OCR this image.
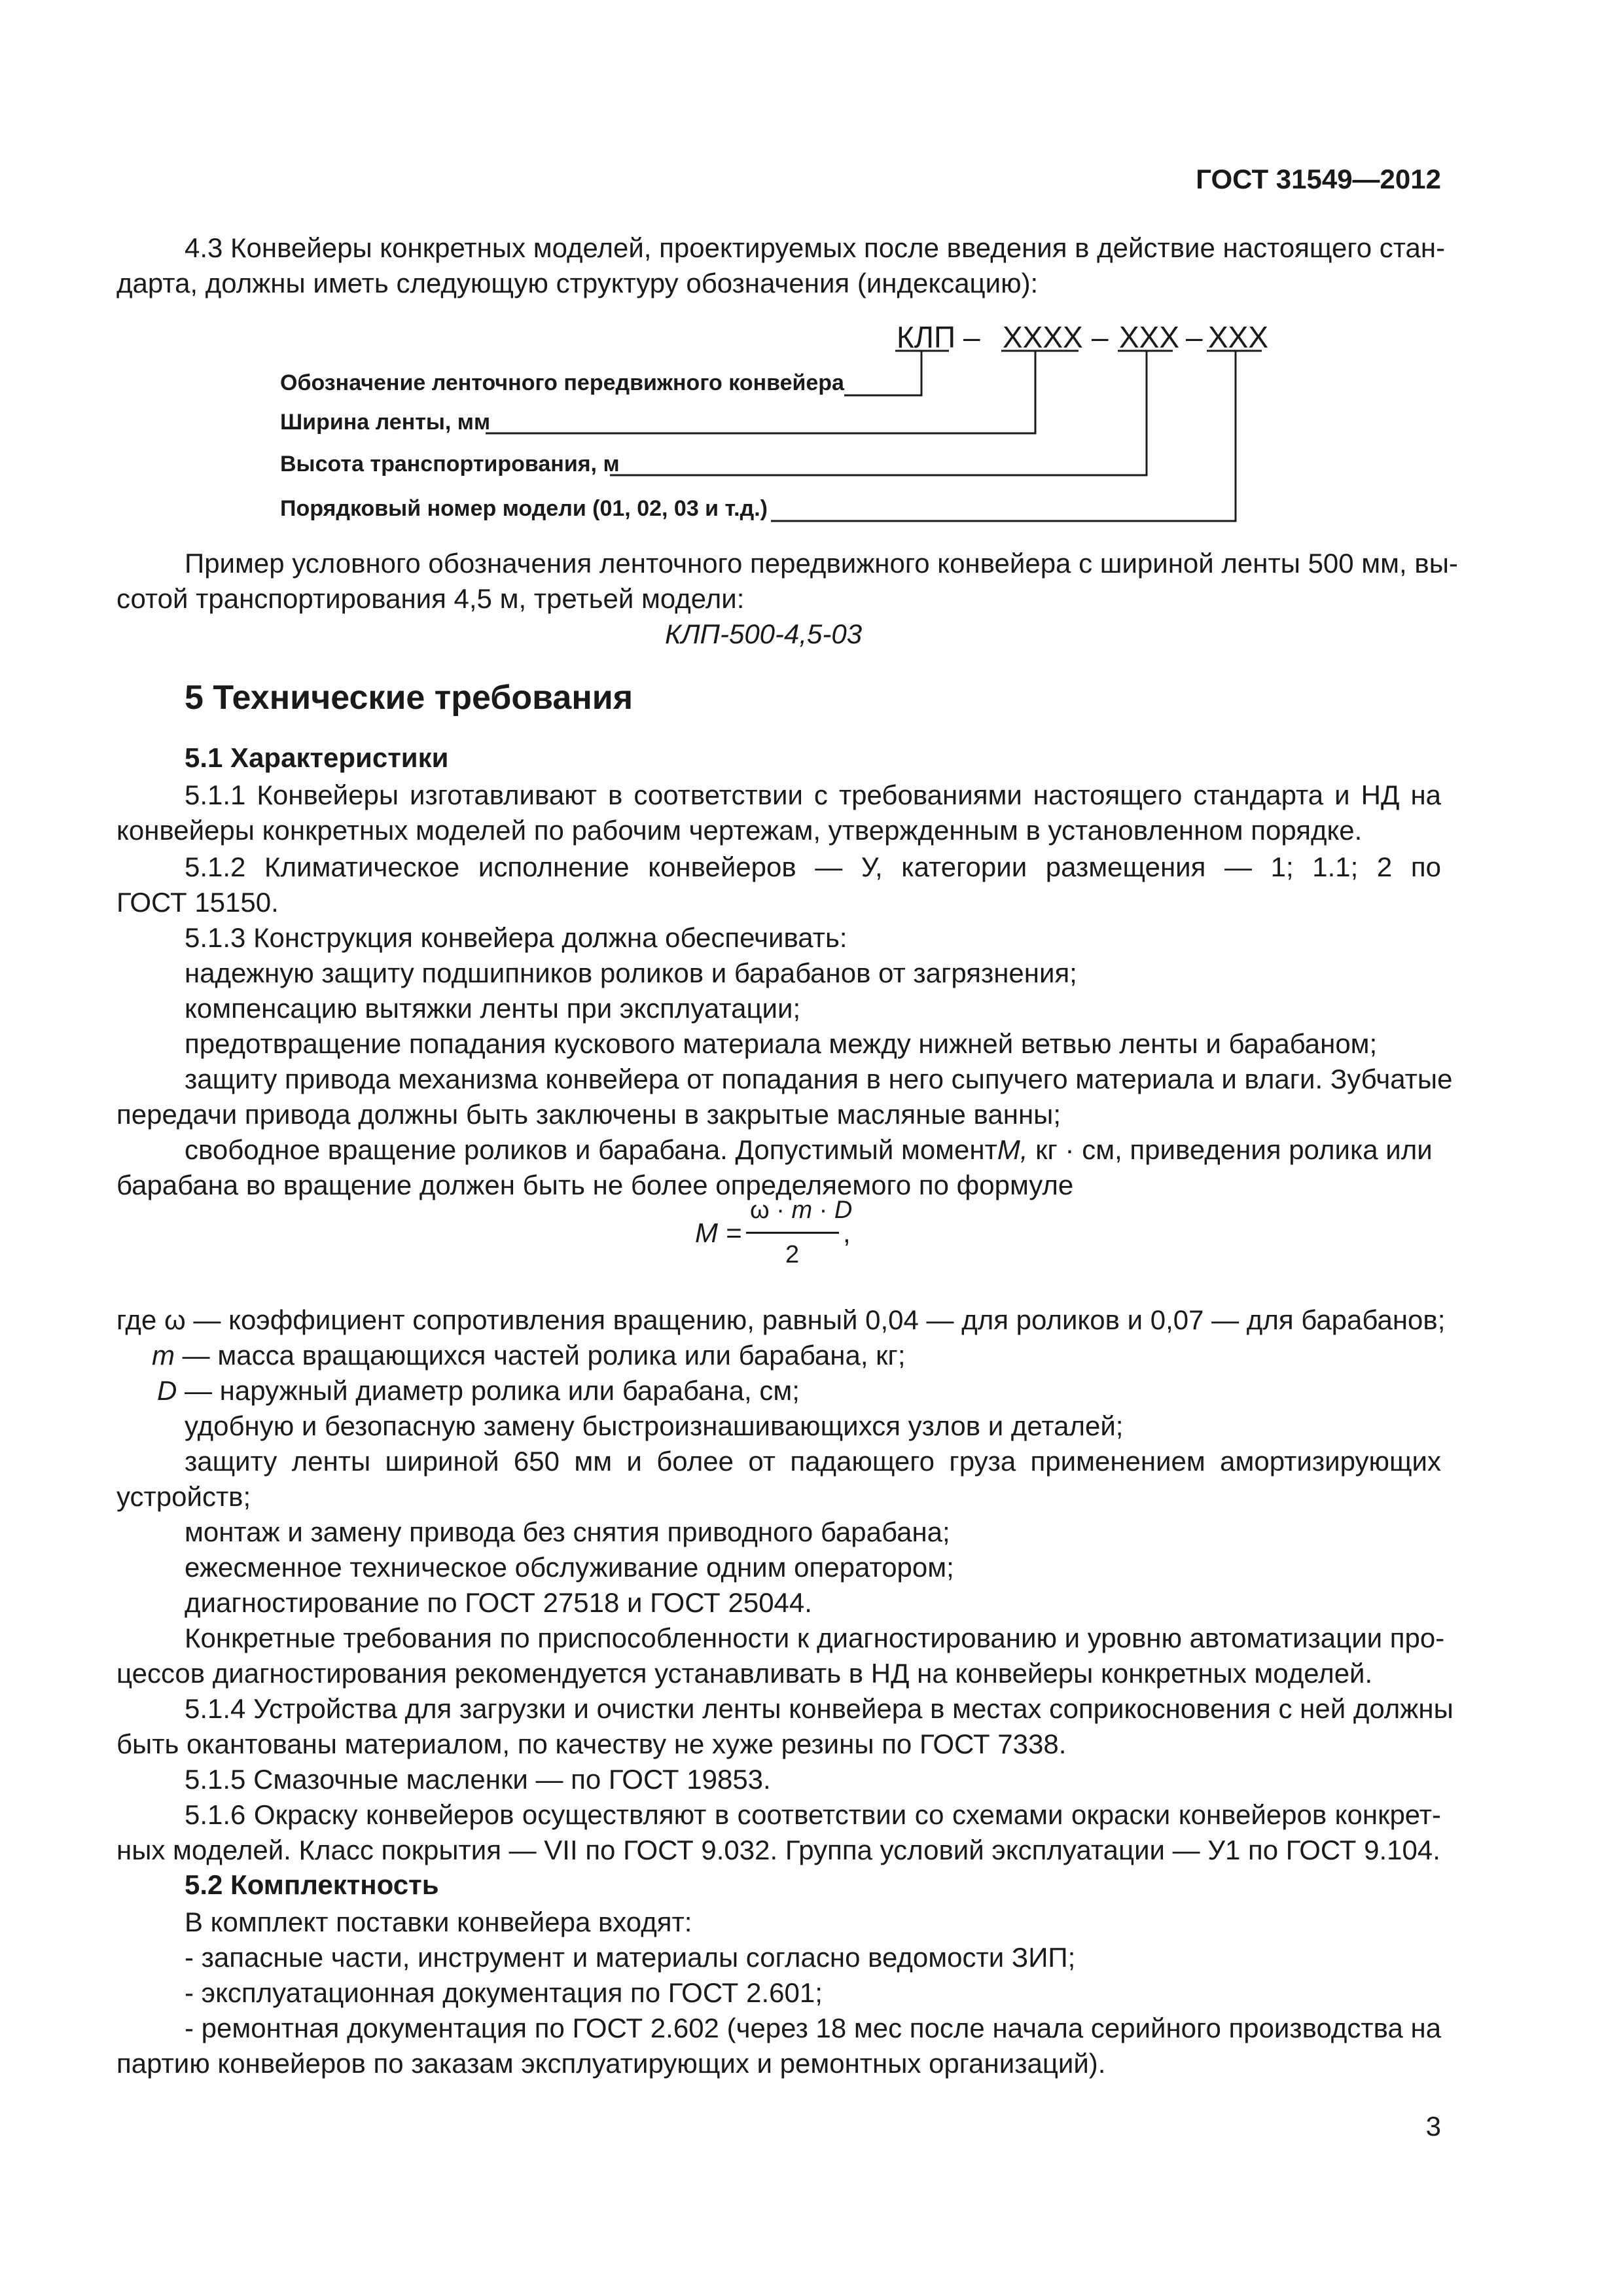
ГОСТ 31549—2012
4.3 Конвейеры конкретных моделей, проектируемых после введения в действие настоящего стан-
дарта, должны иметь следующую структуру обозначения (индексацию):
КЛП – XXXX – XXX – XXX
Обозначение ленточного передвижного конвейера
Ширина ленты, мм
Высота транспортирования, м
Порядковый номер модели (01, 02, 03 и т.д.)
Пример условного обозначения ленточного передвижного конвейера с шириной ленты 500 мм, вы-
сотой транспортирования 4,5 м, третьей модели:
КЛП-500-4,5-03
5 Технические требования
5.1 Характеристики
5.1.1 Конвейеры изготавливают в соответствии с требованиями настоящего стандарта и НД на
конвейеры конкретных моделей по рабочим чертежам, утвержденным в установленном порядке.
5.1.2 Климатическое исполнение конвейеров — У, категории размещения — 1; 1.1; 2 по
ГОСТ 15150.
5.1.3 Конструкция конвейера должна обеспечивать:
надежную защиту подшипников роликов и барабанов от загрязнения;
компенсацию вытяжки ленты при эксплуатации;
предотвращение попадания кускового материала между нижней ветвью ленты и барабаном;
защиту привода механизма конвейера от попадания в него сыпучего материала и влаги. Зубчатые
передачи привода должны быть заключены в закрытые масляные ванны;
свободное вращение роликов и барабана. Допустимый момент M, кг · см, приведения ролика или
барабана во вращение должен быть не более определяемого по формуле
M =
ω · m · D
2
,
где ω — коэффициент сопротивления вращению, равный 0,04 — для роликов и 0,07 — для барабанов;
m — масса вращающихся частей ролика или барабана, кг;
D — наружный диаметр ролика или барабана, см;
удобную и безопасную замену быстроизнашивающихся узлов и деталей;
защиту ленты шириной 650 мм и более от падающего груза применением амортизирующих
устройств;
монтаж и замену привода без снятия приводного барабана;
ежесменное техническое обслуживание одним оператором;
диагностирование по ГОСТ 27518 и ГОСТ 25044.
Конкретные требования по приспособленности к диагностированию и уровню автоматизации про-
цессов диагностирования рекомендуется устанавливать в НД на конвейеры конкретных моделей.
5.1.4 Устройства для загрузки и очистки ленты конвейера в местах соприкосновения с ней должны
быть окантованы материалом, по качеству не хуже резины по ГОСТ 7338.
5.1.5 Смазочные масленки — по ГОСТ 19853.
5.1.6 Окраску конвейеров осуществляют в соответствии со схемами окраски конвейеров конкрет-
ных моделей. Класс покрытия — VII по ГОСТ 9.032. Группа условий эксплуатации — У1 по ГОСТ 9.104.
5.2 Комплектность
В комплект поставки конвейера входят:
- запасные части, инструмент и материалы согласно ведомости ЗИП;
- эксплуатационная документация по ГОСТ 2.601;
- ремонтная документация по ГОСТ 2.602 (через 18 мес после начала серийного производства на
партию конвейеров по заказам эксплуатирующих и ремонтных организаций).
3
